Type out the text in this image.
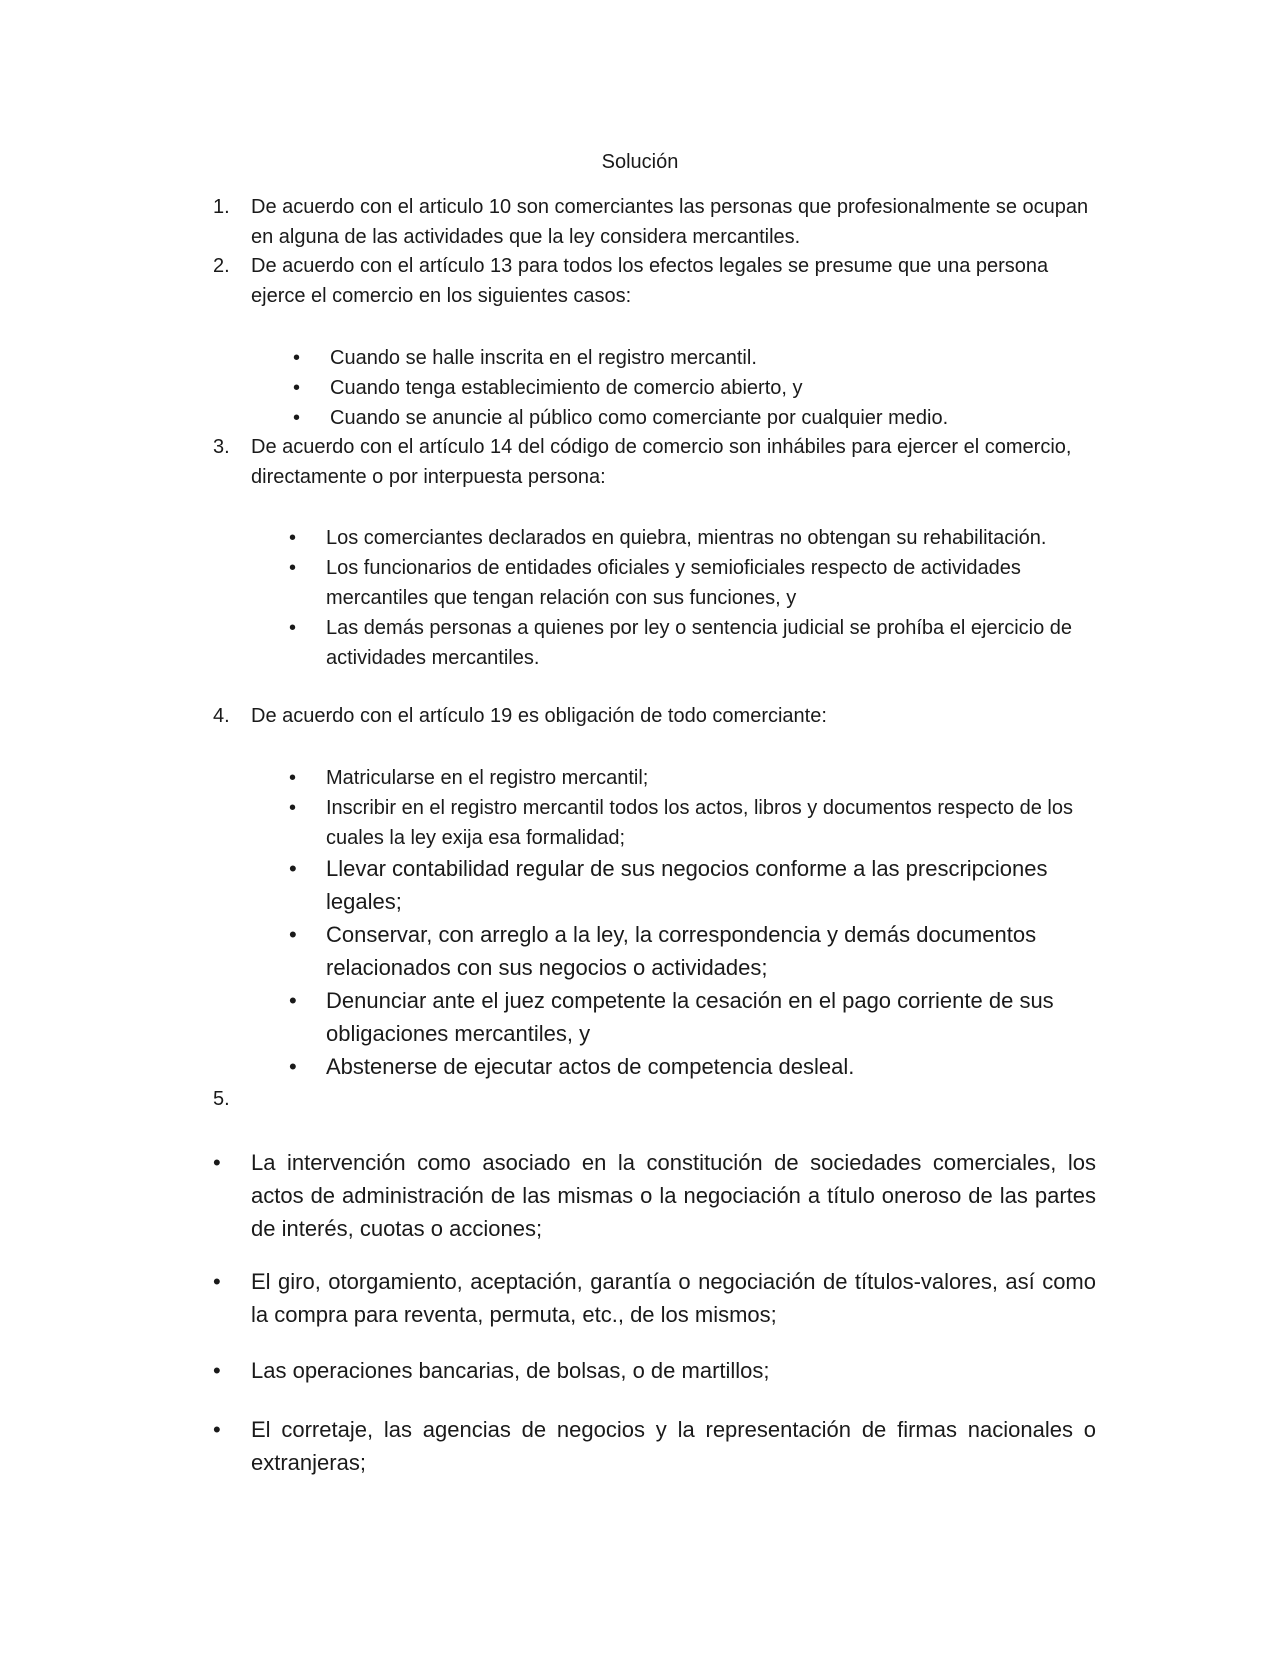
Solución
1.	De acuerdo con el articulo 10 son comerciantes las personas que profesionalmente se ocupan en alguna de las actividades que la ley considera mercantiles.
2.	De acuerdo con el artículo 13 para todos los efectos legales se presume que una persona ejerce el comercio en los siguientes casos:
• Cuando se halle inscrita en el registro mercantil.
• Cuando tenga establecimiento de comercio abierto, y
• Cuando se anuncie al público como comerciante por cualquier medio.
3.	De acuerdo con el artículo 14 del código de comercio son inhábiles para ejercer el comercio, directamente o por interpuesta persona:
• Los comerciantes declarados en quiebra, mientras no obtengan su rehabilitación.
• Los funcionarios de entidades oficiales y semioficiales respecto de actividades mercantiles que tengan relación con sus funciones, y
• Las demás personas a quienes por ley o sentencia judicial se prohíba el ejercicio de actividades mercantiles.
4.	De acuerdo con el artículo 19 es obligación de todo comerciante:
• Matricularse en el registro mercantil;
• Inscribir en el registro mercantil todos los actos, libros y documentos respecto de los cuales la ley exija esa formalidad;
• Llevar contabilidad regular de sus negocios conforme a las prescripciones legales;
• Conservar, con arreglo a la ley, la correspondencia y demás documentos relacionados con sus negocios o actividades;
• Denunciar ante el juez competente la cesación en el pago corriente de sus obligaciones mercantiles, y
• Abstenerse de ejecutar actos de competencia desleal.
5.
• La intervención como asociado en la constitución de sociedades comerciales, los actos de administración de las mismas o la negociación a título oneroso de las partes de interés, cuotas o acciones;
• El giro, otorgamiento, aceptación, garantía o negociación de títulos-valores, así como la compra para reventa, permuta, etc., de los mismos;
• Las operaciones bancarias, de bolsas, o de martillos;
• El corretaje, las agencias de negocios y la representación de firmas nacionales o extranjeras;
